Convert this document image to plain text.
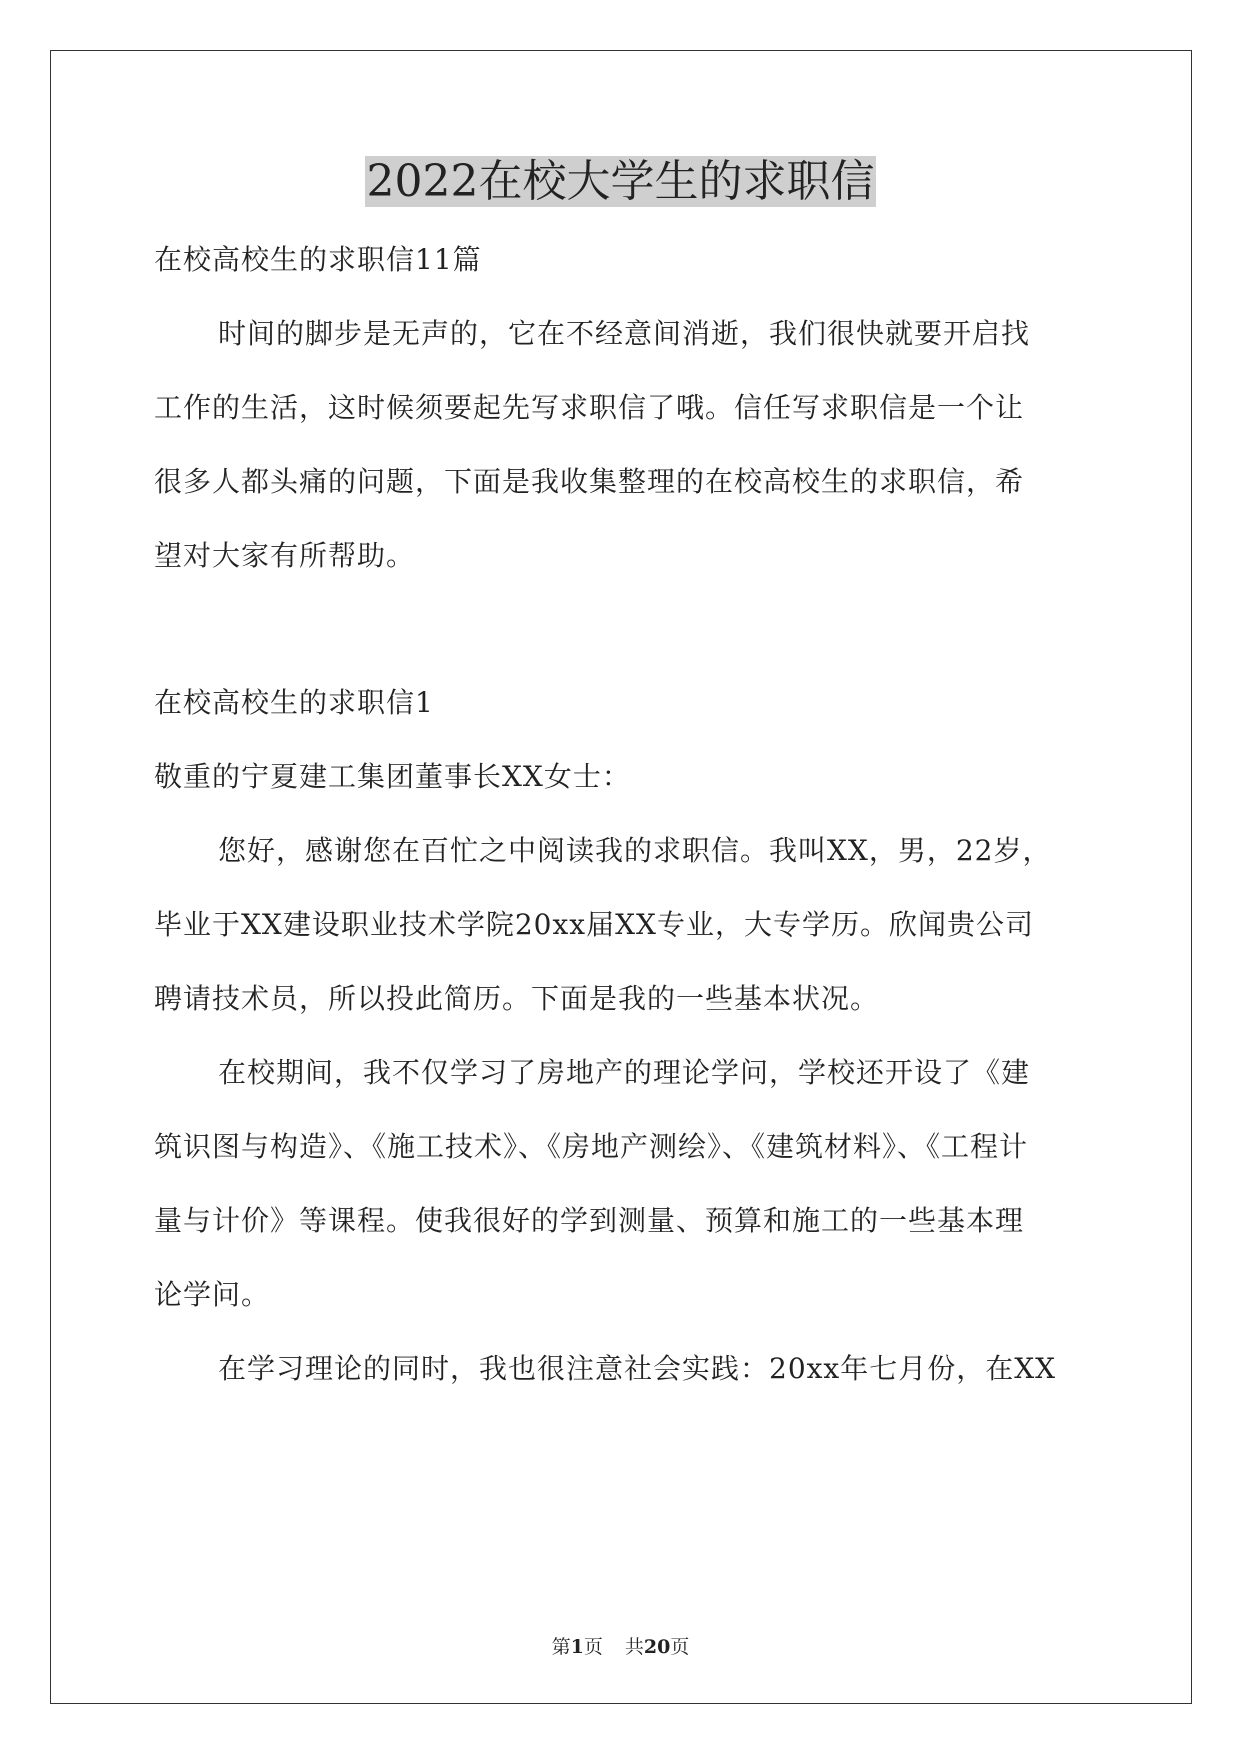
2022在校大学生的求职信

在校高校生的求职信11篇

时间的脚步是无声的，它在不经意间消逝，我们很快就要开启找

工作的生活，这时候须要起先写求职信了哦。信任写求职信是一个让

很多人都头痛的问题，下面是我收集整理的在校高校生的求职信，希

望对大家有所帮助。

在校高校生的求职信1

敬重的宁夏建工集团董事长XX女士：

您好，感谢您在百忙之中阅读我的求职信。我叫XX，男，22岁，

毕业于XX建设职业技术学院20xx届XX专业，大专学历。欣闻贵公司

聘请技术员，所以投此简历。下面是我的一些基本状况。

在校期间，我不仅学习了房地产的理论学问，学校还开设了《建

筑识图与构造》、《施工技术》、《房地产测绘》、《建筑材料》、《工程计

量与计价》等课程。使我很好的学到测量、预算和施工的一些基本理

论学问。

在学习理论的同时，我也很注意社会实践：20xx年七月份，在XX

第1页 共20页
